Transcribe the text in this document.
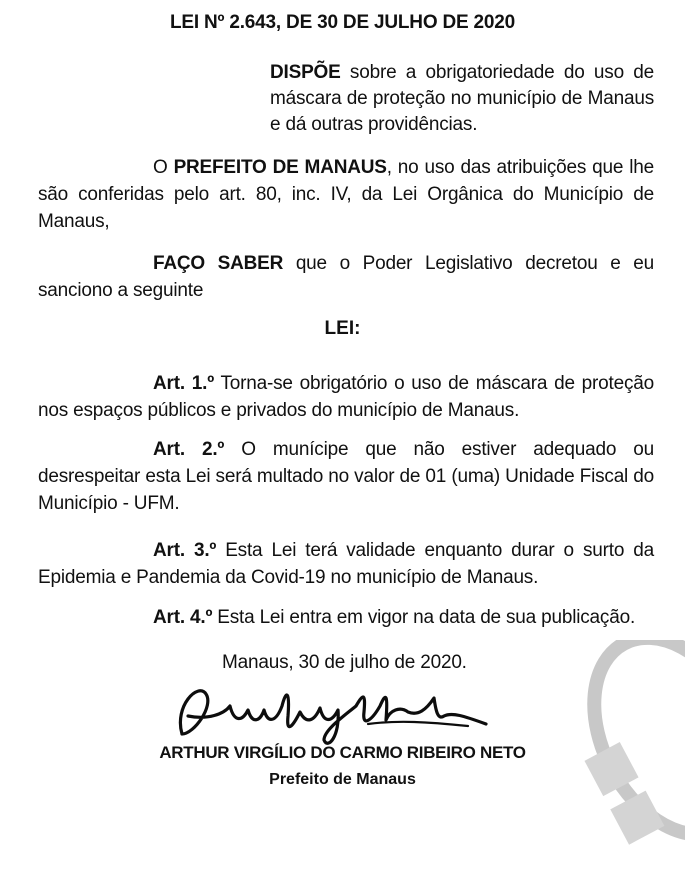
LEI Nº 2.643, DE 30 DE JULHO DE 2020
DISPÕE sobre a obrigatoriedade do uso de máscara de proteção no município de Manaus e dá outras providências.
O PREFEITO DE MANAUS, no uso das atribuições que lhe são conferidas pelo art. 80, inc. IV, da Lei Orgânica do Município de Manaus,
FAÇO SABER que o Poder Legislativo decretou e eu sanciono a seguinte
LEI:
Art. 1.º Torna-se obrigatório o uso de máscara de proteção nos espaços públicos e privados do município de Manaus.
Art. 2.º O munícipe que não estiver adequado ou desrespeitar esta Lei será multado no valor de 01 (uma) Unidade Fiscal do Município - UFM.
Art. 3.º Esta Lei terá validade enquanto durar o surto da Epidemia e Pandemia da Covid-19 no município de Manaus.
Art. 4.º Esta Lei entra em vigor na data de sua publicação.
Manaus, 30 de julho de 2020.
ARTHUR VIRGÍLIO DO CARMO RIBEIRO NETO
Prefeito de Manaus
